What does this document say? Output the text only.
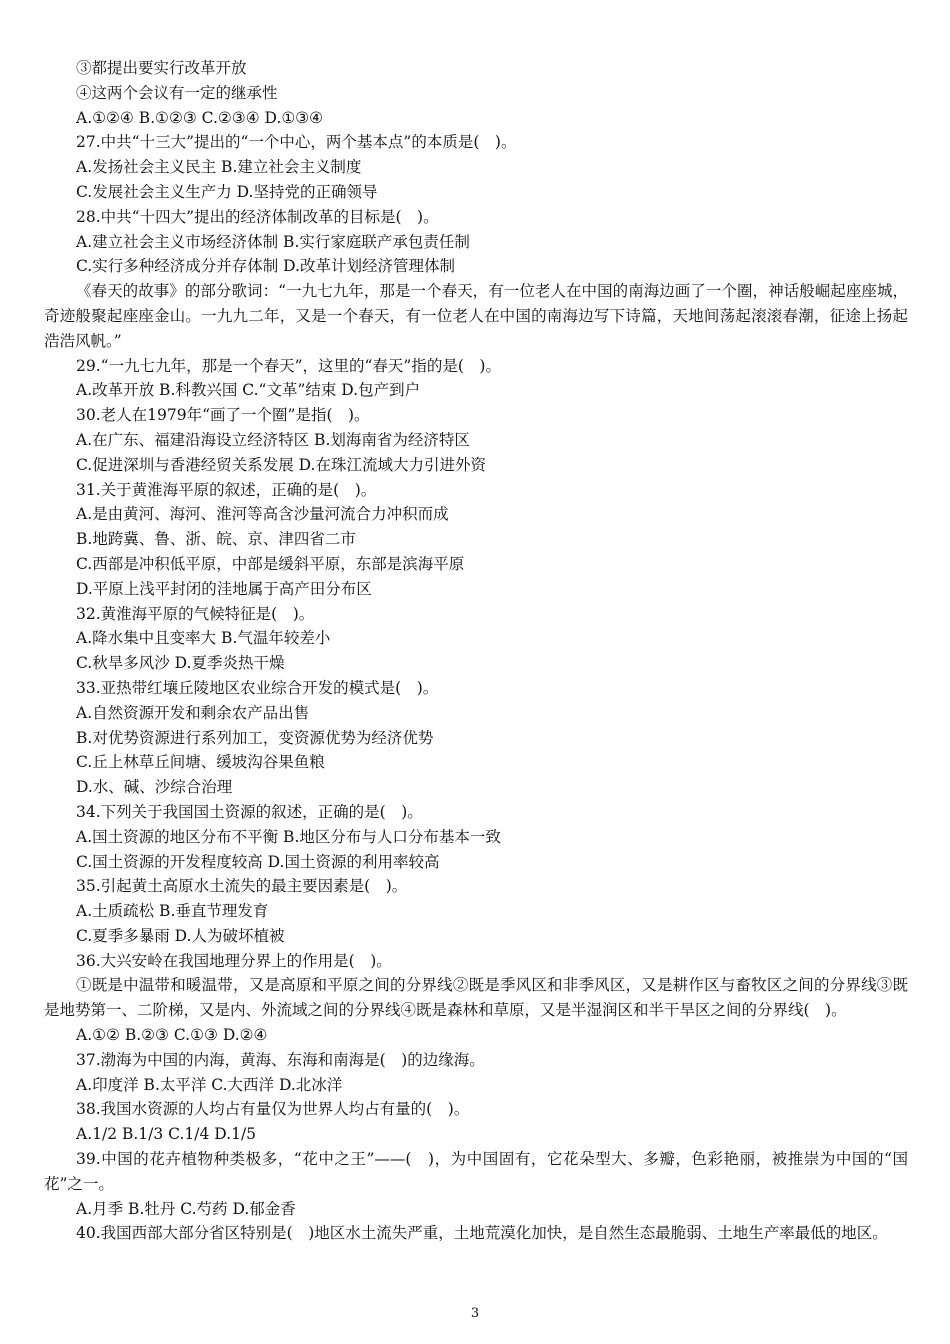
③都提出要实行改革开放
④这两个会议有一定的继承性
A.①②④ B.①②③ C.②③④ D.①③④
27.中共“十三大”提出的“一个中心，两个基本点”的本质是(　)。
A.发扬社会主义民主 B.建立社会主义制度
C.发展社会主义生产力 D.坚持党的正确领导
28.中共“十四大”提出的经济体制改革的目标是(　)。
A.建立社会主义市场经济体制 B.实行家庭联产承包责任制
C.实行多种经济成分并存体制 D.改革计划经济管理体制
《春天的故事》的部分歌词：“一九七九年，那是一个春天，有一位老人在中国的南海边画了一个圈，神话般崛起座座城，奇迹般聚起座座金山。一九九二年，又是一个春天，有一位老人在中国的南海边写下诗篇，天地间荡起滚滚春潮，征途上扬起浩浩风帆。”
29.“一九七九年，那是一个春天”，这里的“春天”指的是(　)。
A.改革开放 B.科教兴国 C.“文革”结束 D.包产到户
30.老人在1979年“画了一个圈”是指(　)。
A.在广东、福建沿海设立经济特区 B.划海南省为经济特区
C.促进深圳与香港经贸关系发展 D.在珠江流域大力引进外资
31.关于黄淮海平原的叙述，正确的是(　)。
A.是由黄河、海河、淮河等高含沙量河流合力冲积而成
B.地跨冀、鲁、浙、皖、京、津四省二市
C.西部是冲积低平原，中部是缓斜平原，东部是滨海平原
D.平原上浅平封闭的洼地属于高产田分布区
32.黄淮海平原的气候特征是(　)。
A.降水集中且变率大 B.气温年较差小
C.秋旱多风沙 D.夏季炎热干燥
33.亚热带红壤丘陵地区农业综合开发的模式是(　)。
A.自然资源开发和剩余农产品出售
B.对优势资源进行系列加工，变资源优势为经济优势
C.丘上林草丘间塘、缓坡沟谷果鱼粮
D.水、碱、沙综合治理
34.下列关于我国国土资源的叙述，正确的是(　)。
A.国土资源的地区分布不平衡 B.地区分布与人口分布基本一致
C.国土资源的开发程度较高 D.国土资源的利用率较高
35.引起黄土高原水土流失的最主要因素是(　)。
A.土质疏松 B.垂直节理发育
C.夏季多暴雨 D.人为破坏植被
36.大兴安岭在我国地理分界上的作用是(　)。
①既是中温带和暖温带，又是高原和平原之间的分界线②既是季风区和非季风区，又是耕作区与畜牧区之间的分界线③既是地势第一、二阶梯，又是内、外流域之间的分界线④既是森林和草原，又是半湿润区和半干旱区之间的分界线(　)。
A.①② B.②③ C.①③ D.②④
37.渤海为中国的内海，黄海、东海和南海是(　)的边缘海。
A.印度洋 B.太平洋 C.大西洋 D.北冰洋
38.我国水资源的人均占有量仅为世界人均占有量的(　)。
A.1/2 B.1/3 C.1/4 D.1/5
39.中国的花卉植物种类极多，“花中之王”——(　)，为中国固有，它花朵型大、多瓣，色彩艳丽，被推崇为中国的“国花”之一。
A.月季 B.牡丹 C.芍药 D.郁金香
40.我国西部大部分省区特别是(　)地区水土流失严重，土地荒漠化加快，是自然生态最脆弱、土地生产率最低的地区。
3
